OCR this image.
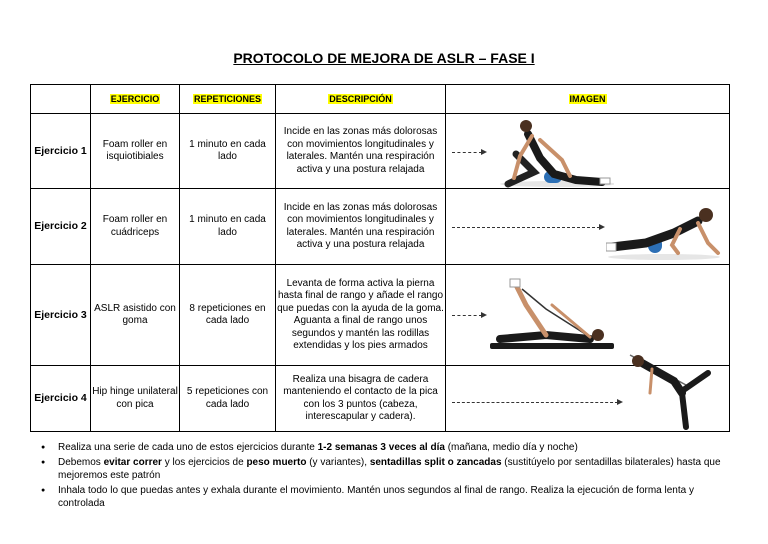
PROTOCOLO DE MEJORA DE ASLR – FASE I
	EJERCICIO	REPETICIONES	DESCRIPCIÓN	IMAGEN
Ejercicio 1	Foam roller en isquiotibiales	1 minuto en cada lado	Incide en las zonas más dolorosas con movimientos longitudinales y laterales. Mantén una respiración activa y una postura relajada	

Ejercicio 2	Foam roller en cuádriceps	1 minuto en cada lado	Incide en las zonas más dolorosas con movimientos longitudinales y laterales. Mantén una respiración activa y una postura relajada	

Ejercicio 3	ASLR asistido con goma	8 repeticiones en cada lado	Levanta de forma activa la pierna hasta final de rango y añade el rango que puedas con la ayuda de la goma. Aguanta a final de rango unos segundos y mantén las rodillas extendidas y los pies armados	

Ejercicio 4	Hip hinge unilateral con pica	5 repeticiones con cada lado	Realiza una bisagra de cadera manteniendo el contacto de la pica con los 3 puntos (cabeza, interescapular y cadera).	
● Realiza una serie de cada uno de estos ejercicios durante 1-2 semanas 3 veces al día (mañana, medio día y noche)
● Debemos evitar correr y los ejercicios de peso muerto (y variantes), sentadillas split o zancadas (sustitúyelo por sentadillas bilaterales) hasta que mejoremos este patrón
● Inhala todo lo que puedas antes y exhala durante el movimiento. Mantén unos segundos al final de rango. Realiza la ejecución de forma lenta y controlada
